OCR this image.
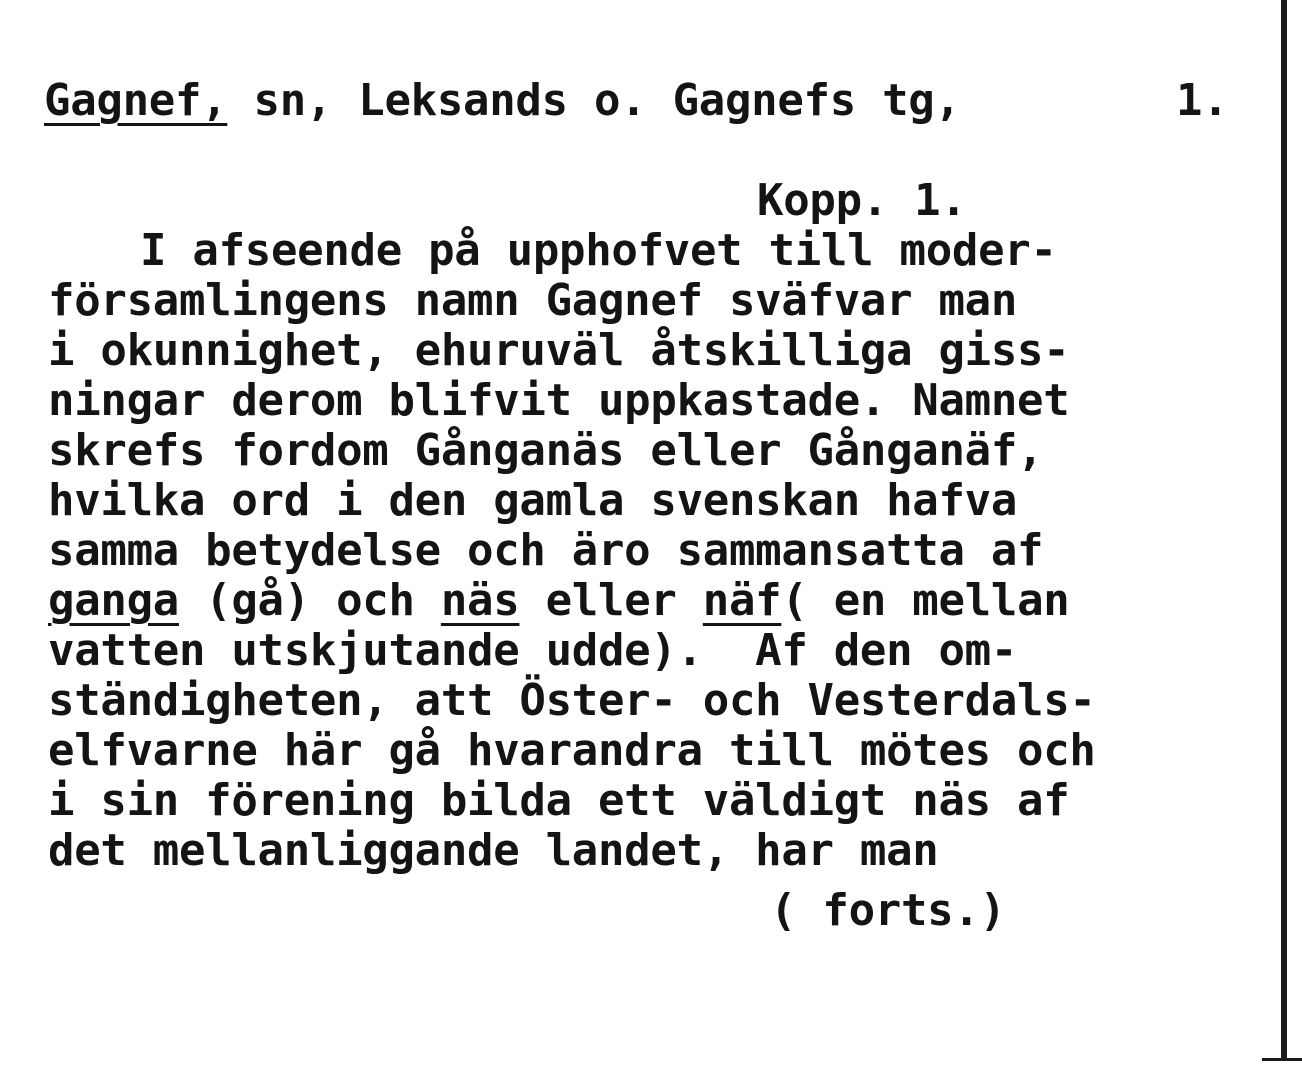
Gagnef, sn, Leksands o. Gagnefs tg,	1.
Kopp. 1.
I afseende på upphofvet till moder-
församlingens namn Gagnef sväfvar man
i okunnighet, ehuruväl åtskilliga giss-
ningar derom blifvit uppkastade. Namnet
skrefs fordom Gånganäs eller Gånganäf,
hvilka ord i den gamla svenskan hafva
samma betydelse och äro sammansatta af
ganga (gå) och näs eller näf( en mellan
vatten utskjutande udde).  Af den om-
ständigheten, att Öster- och Vesterdals-
elfvarne här gå hvarandra till mötes och
i sin förening bilda ett väldigt näs af
det mellanliggande landet, har man
( forts.)
